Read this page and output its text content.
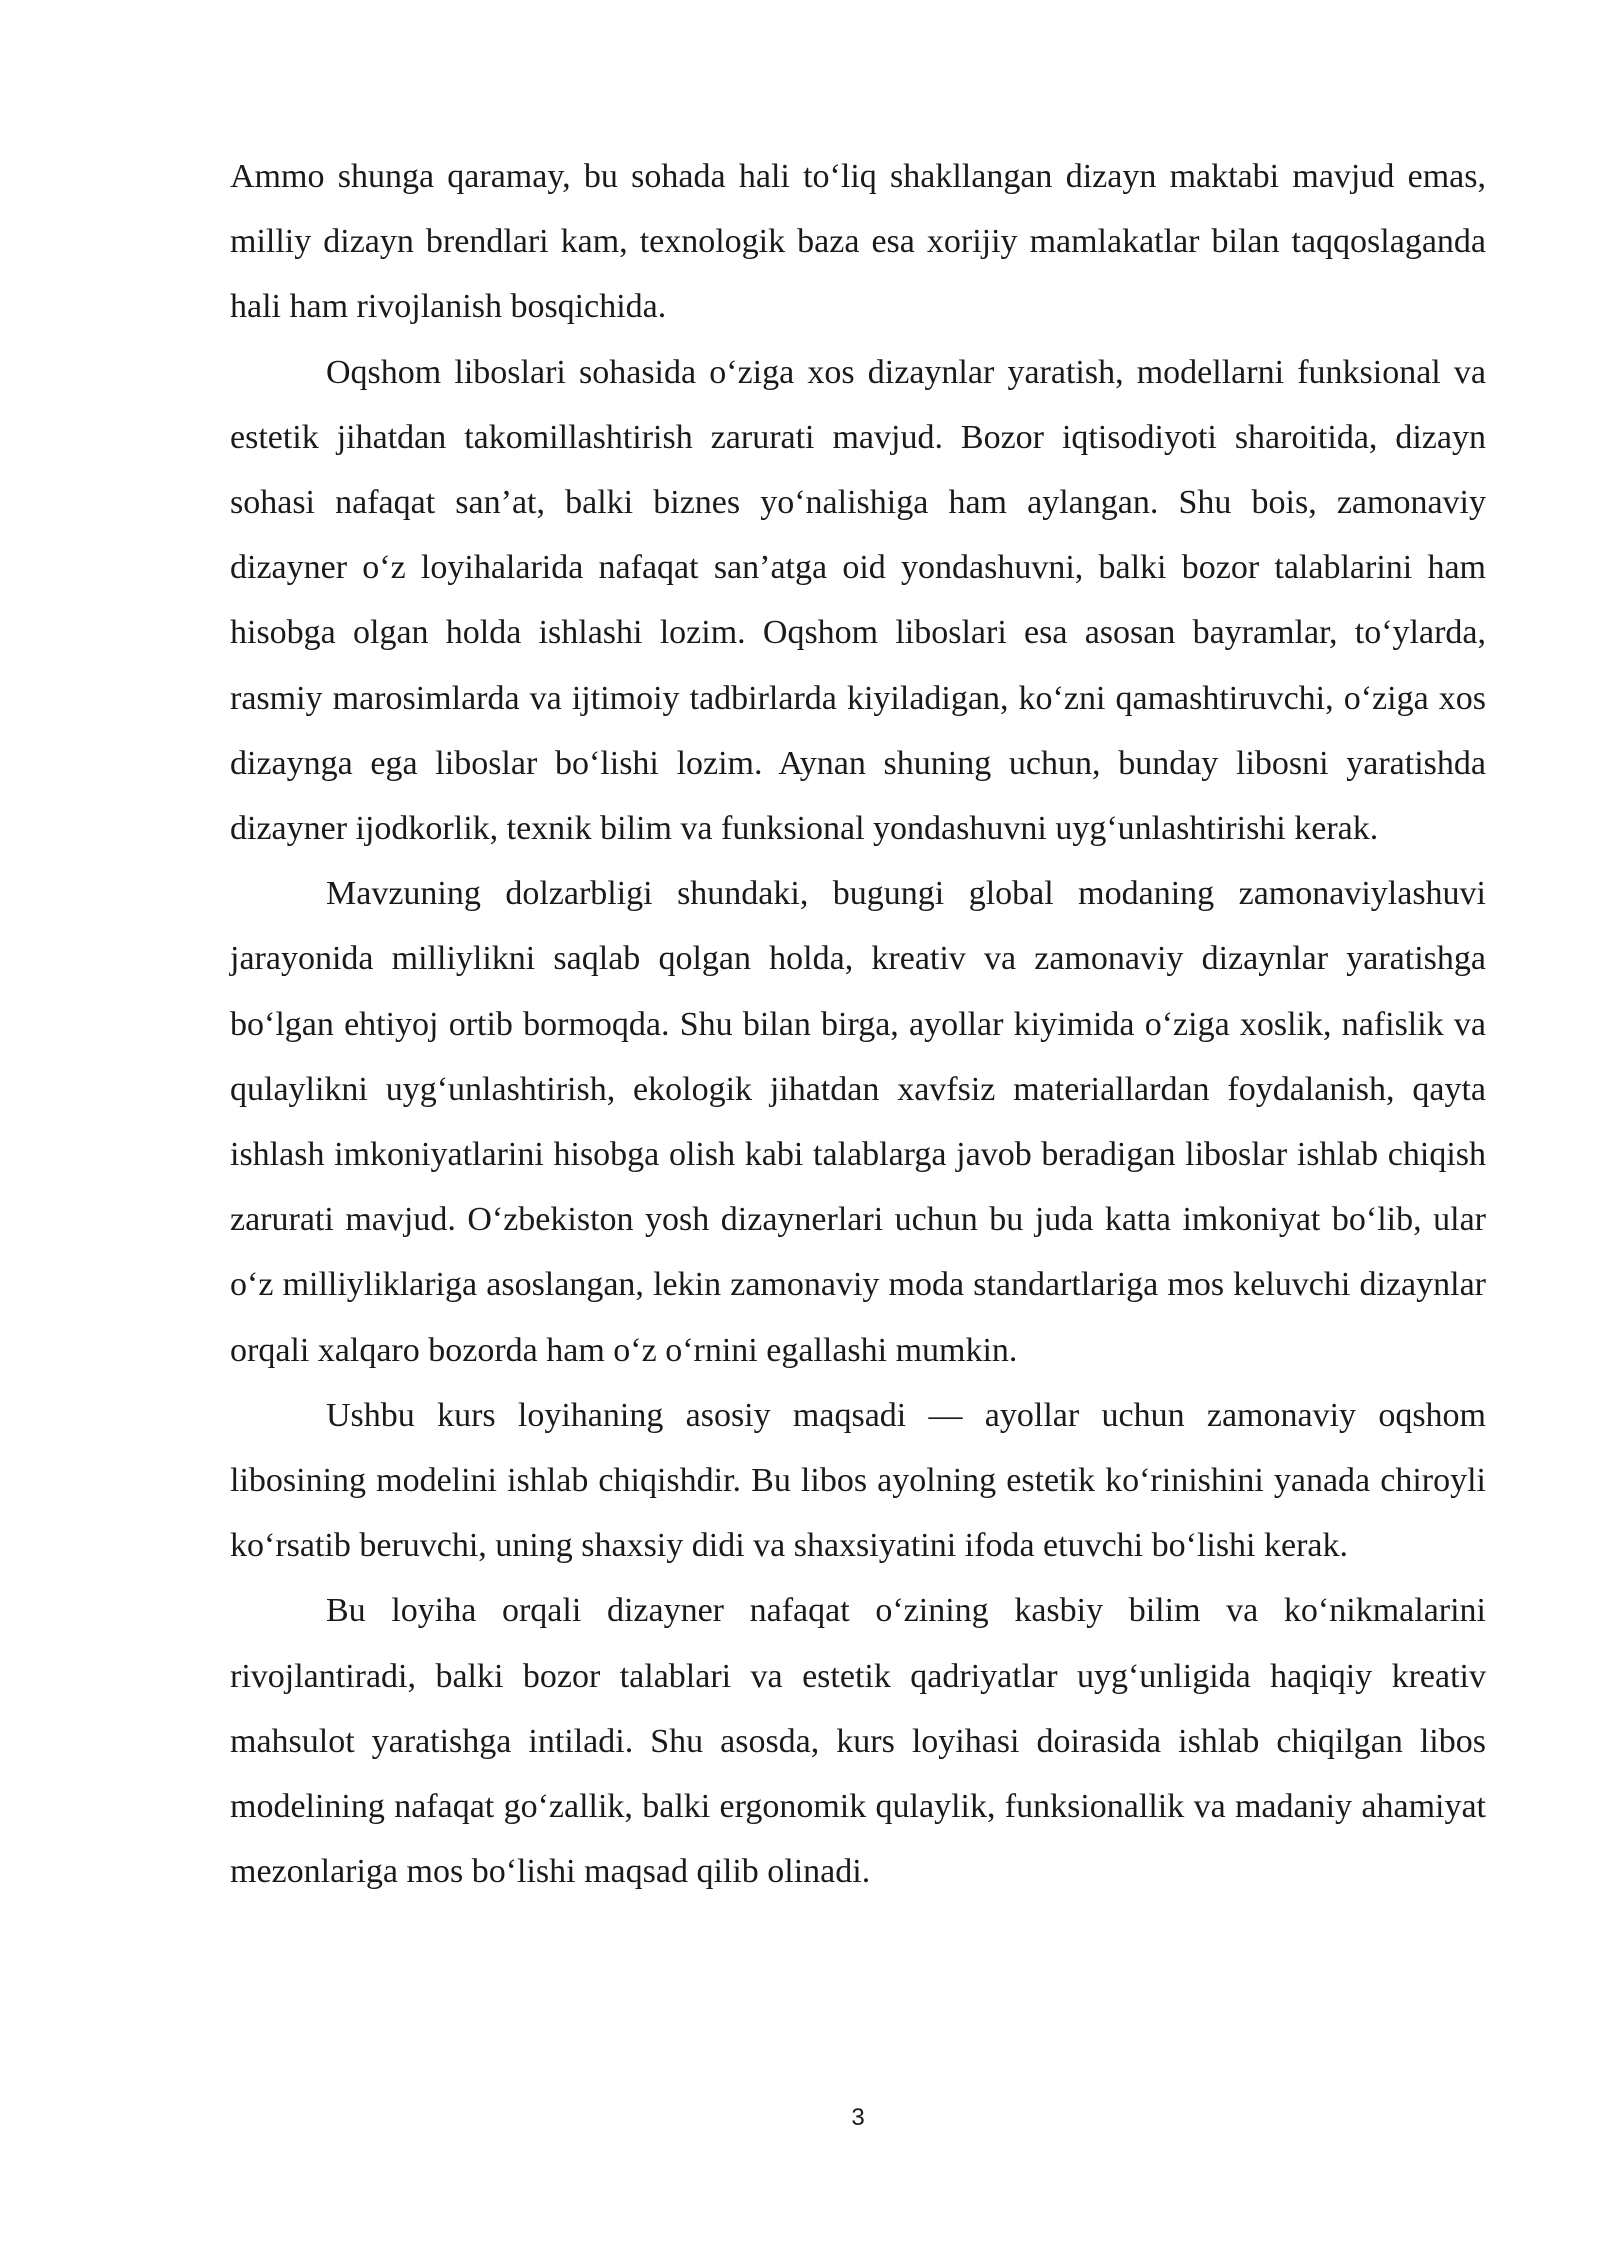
Ammo shunga qaramay, bu sohada hali to‘liq shakllangan dizayn maktabi mavjud emas, milliy dizayn brendlari kam, texnologik baza esa xorijiy mamlakatlar bilan taqqoslaganda hali ham rivojlanish bosqichida.

Oqshom liboslari sohasida o‘ziga xos dizaynlar yaratish, modellarni funksional va estetik jihatdan takomillashtirish zarurati mavjud. Bozor iqtisodiyoti sharoitida, dizayn sohasi nafaqat san’at, balki biznes yo‘nalishiga ham aylangan. Shu bois, zamonaviy dizayner o‘z loyihalarida nafaqat san’atga oid yondashuvni, balki bozor talablarini ham hisobga olgan holda ishlashi lozim. Oqshom liboslari esa asosan bayramlar, to‘ylarda, rasmiy marosimlarda va ijtimoiy tadbirlarda kiyiladigan, ko‘zni qamashtiruvchi, o‘ziga xos dizaynga ega liboslar bo‘lishi lozim. Aynan shuning uchun, bunday libosni yaratishda dizayner ijodkorlik, texnik bilim va funksional yondashuvni uyg‘unlashtirishi kerak.

Mavzuning dolzarbligi shundaki, bugungi global modaning zamonaviylashuvi jarayonida milliylikni saqlab qolgan holda, kreativ va zamonaviy dizaynlar yaratishga bo‘lgan ehtiyoj ortib bormoqda. Shu bilan birga, ayollar kiyimida o‘ziga xoslik, nafislik va qulaylikni uyg‘unlashtirish, ekologik jihatdan xavfsiz materiallardan foydalanish, qayta ishlash imkoniyatlarini hisobga olish kabi talablarga javob beradigan liboslar ishlab chiqish zarurati mavjud. O‘zbekiston yosh dizaynerlari uchun bu juda katta imkoniyat bo‘lib, ular o‘z milliyliklariga asoslangan, lekin zamonaviy moda standartlariga mos keluvchi dizaynlar orqali xalqaro bozorda ham o‘z o‘rnini egallashi mumkin.

Ushbu kurs loyihaning asosiy maqsadi — ayollar uchun zamonaviy oqshom libosining modelini ishlab chiqishdir. Bu libos ayolning estetik ko‘rinishini yanada chiroyli ko‘rsatib beruvchi, uning shaxsiy didi va shaxsiyatini ifoda etuvchi bo‘lishi kerak.

Bu loyiha orqali dizayner nafaqat o‘zining kasbiy bilim va ko‘nikmalarini rivojlantiradi, balki bozor talablari va estetik qadriyatlar uyg‘unligida haqiqiy kreativ mahsulot yaratishga intiladi. Shu asosda, kurs loyihasi doirasida ishlab chiqilgan libos modelining nafaqat go‘zallik, balki ergonomik qulaylik, funksionallik va madaniy ahamiyat mezonlariga mos bo‘lishi maqsad qilib olinadi.

3
